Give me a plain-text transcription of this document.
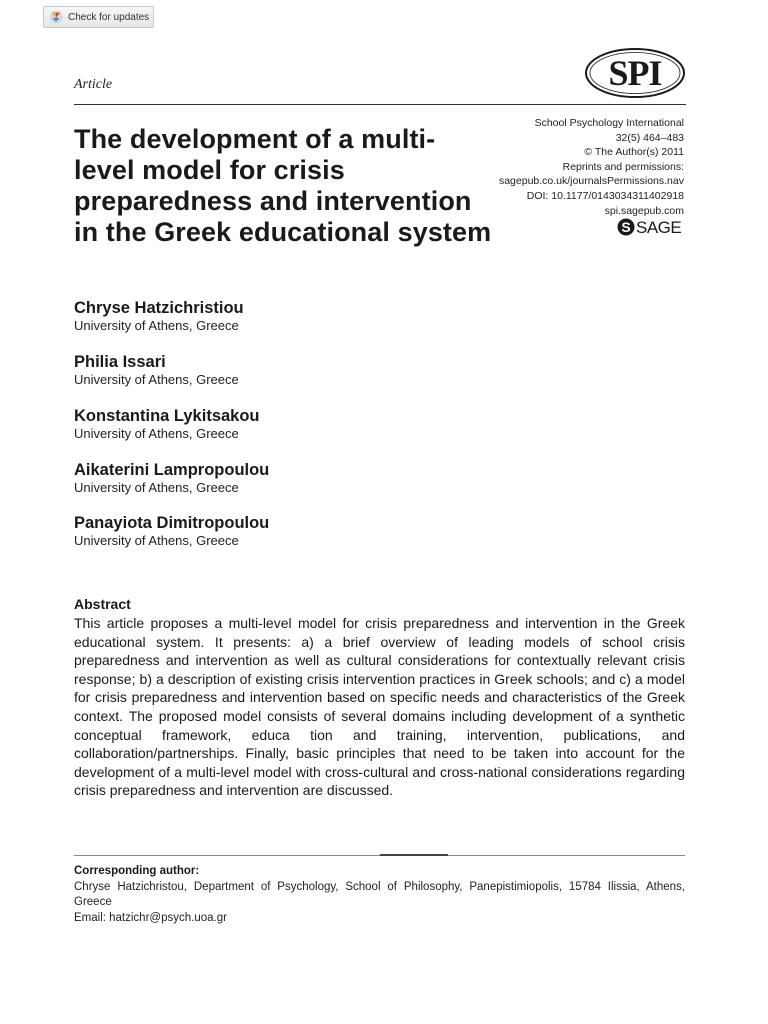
Check for updates
Article	SPI
School Psychology International
32(5) 464–483
© The Author(s) 2011
Reprints and permissions:
sagepub.co.uk/journalsPermissions.nav
DOI: 10.1177/0143034311402918
spi.sagepub.com
S SAGE
The development of a multi-level model for crisis preparedness and intervention in the Greek educational system
Chryse Hatzichristiou
University of Athens, Greece
Philia Issari
University of Athens, Greece
Konstantina Lykitsakou
University of Athens, Greece
Aikaterini Lampropoulou
University of Athens, Greece
Panayiota Dimitropoulou
University of Athens, Greece
Abstract

This article proposes a multi-level model for crisis preparedness and intervention in the Greek educational system. It presents: a) a brief overview of leading models of school crisis preparedness and intervention as well as cultural considerations for contextually relevant crisis response; b) a description of existing crisis intervention practices in Greek schools; and c) a model for crisis preparedness and intervention based on specific needs and characteristics of the Greek context. The proposed model consists of several domains including development of a synthetic conceptual framework, educa tion and training, intervention, publications, and collaboration/partnerships. Finally, basic principles that need to be taken into account for the development of a multi-level model with cross-cultural and cross-national considerations regarding crisis preparedness and intervention are discussed.

Corresponding author:
Chryse Hatzichristou, Department of Psychology, School of Philosophy, Panepistimiopolis, 15784 Ilissia, Athens, Greece
Email: hatzichr@psych.uoa.gr
